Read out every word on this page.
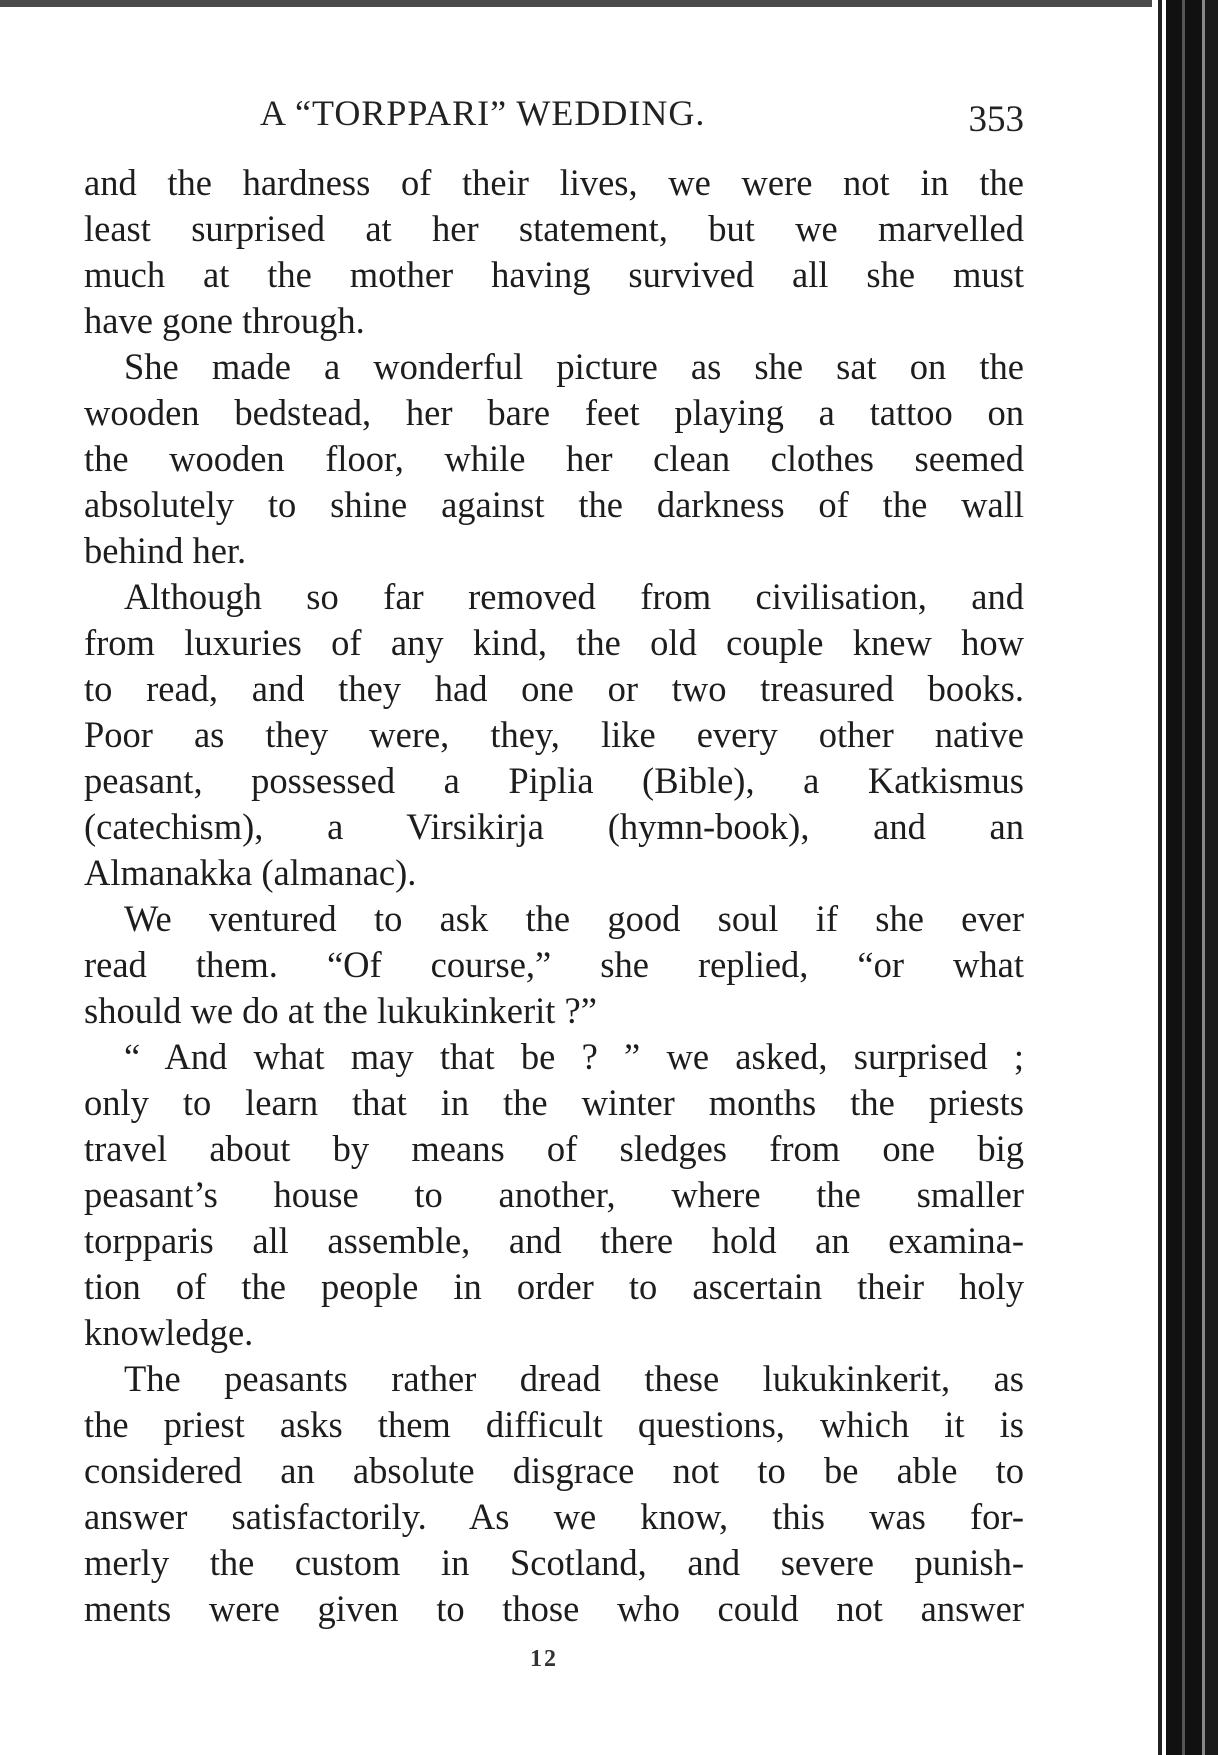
A “TORPPARI” WEDDING.	353
and the hardness of their lives, we were not in the
least surprised at her statement, but we marvelled
much at the mother having survived all she must
have gone through.
She made a wonderful picture as she sat on the
wooden bedstead, her bare feet playing a tattoo on
the wooden floor, while her clean clothes seemed
absolutely to shine against the darkness of the wall
behind her.
Although so far removed from civilisation, and
from luxuries of any kind, the old couple knew how
to read, and they had one or two treasured books.
Poor as they were, they, like every other native
peasant, possessed a Piplia (Bible), a Katkismus
(catechism), a Virsikirja (hymn-book), and an
Almanakka (almanac).
We ventured to ask the good soul if she ever
read them. “Of course,” she replied, “or what
should we do at the lukukinkerit ?”
“ And what may that be ? ” we asked, surprised ;
only to learn that in the winter months the priests
travel about by means of sledges from one big
peasant’s house to another, where the smaller
torpparis all assemble, and there hold an examina-
tion of the people in order to ascertain their holy
knowledge.
The peasants rather dread these lukukinkerit, as
the priest asks them difficult questions, which it is
considered an absolute disgrace not to be able to
answer satisfactorily. As we know, this was for-
merly the custom in Scotland, and severe punish-
ments were given to those who could not answer
12
